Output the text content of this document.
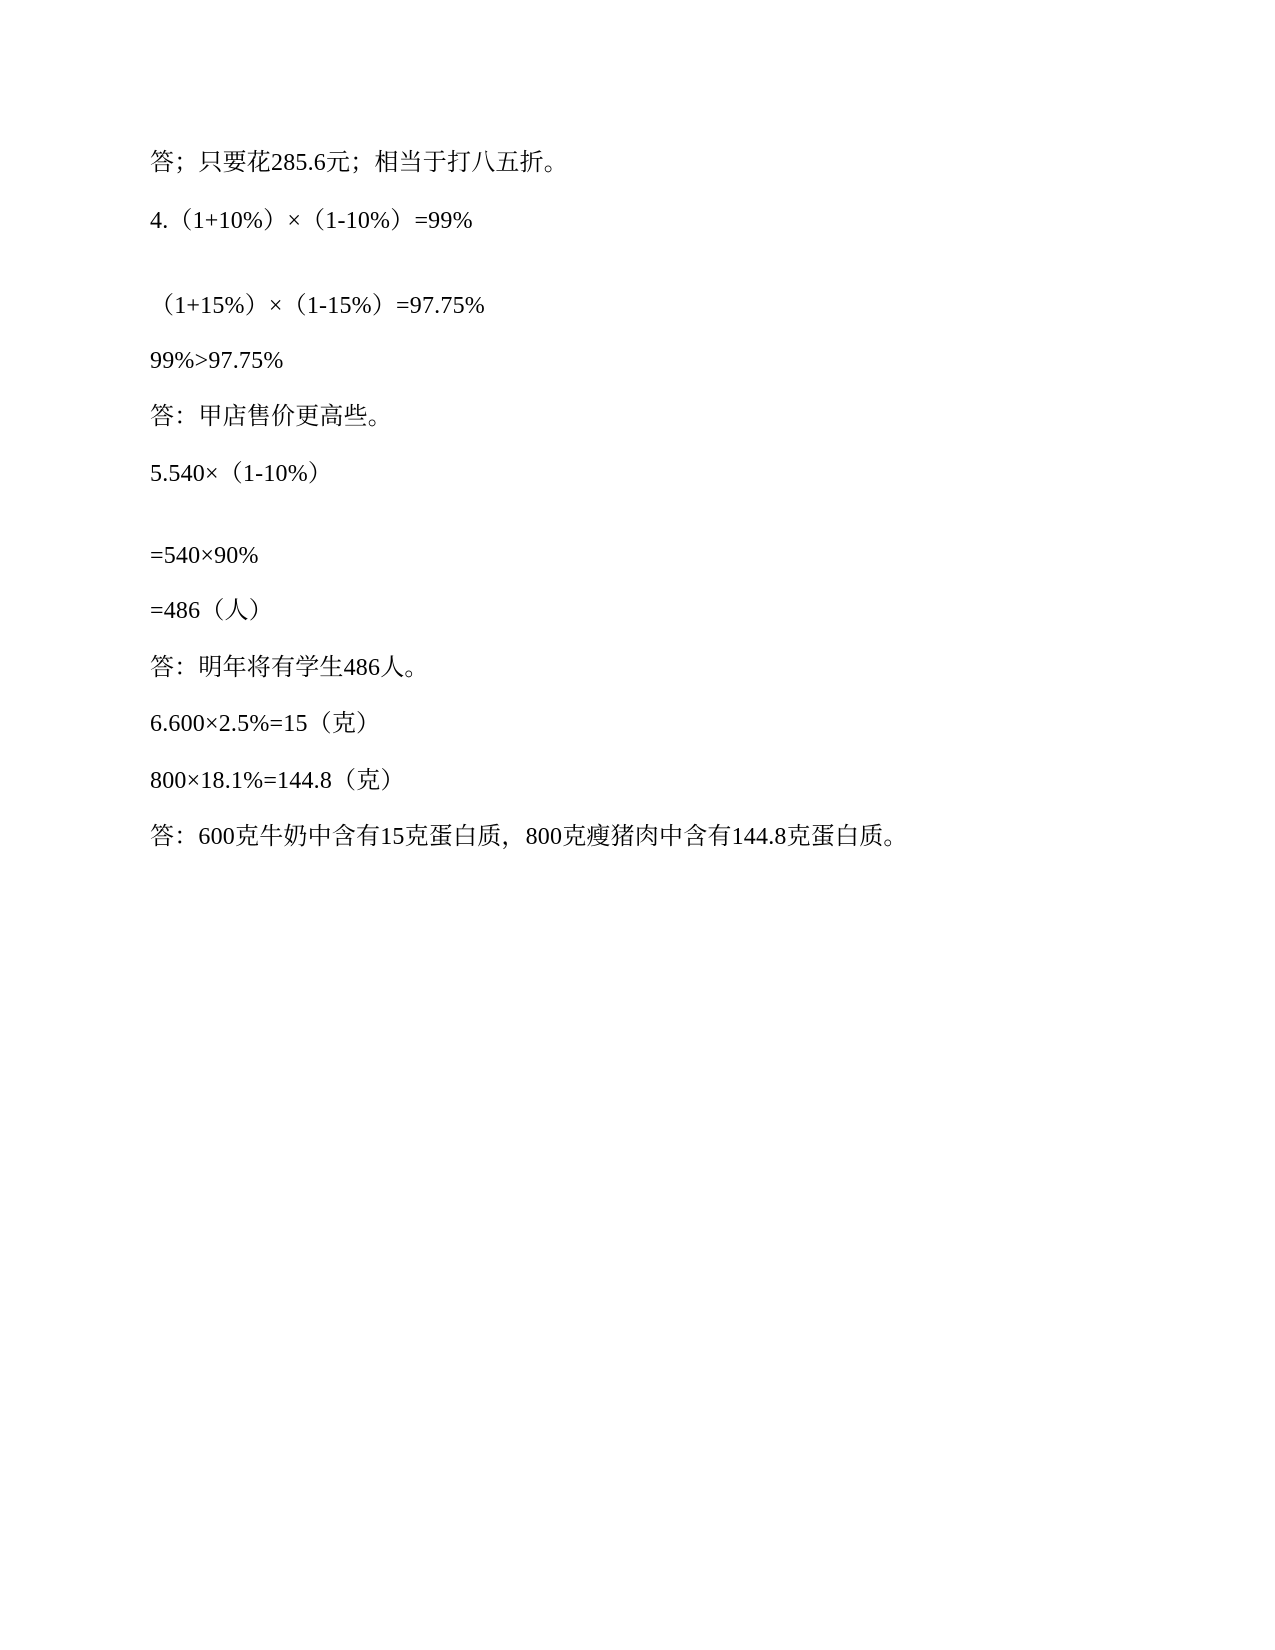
答；只要花285.6元；相当于打八五折。
4.（1+10%）×（1-10%）=99%
（1+15%）×（1-15%）=97.75%
99%>97.75%
答：甲店售价更高些。
5.540×（1-10%）
=540×90%
=486（人）
答：明年将有学生486人。
6.600×2.5%=15（克）
800×18.1%=144.8（克）
答：600克牛奶中含有15克蛋白质，800克瘦猪肉中含有144.8克蛋白质。
